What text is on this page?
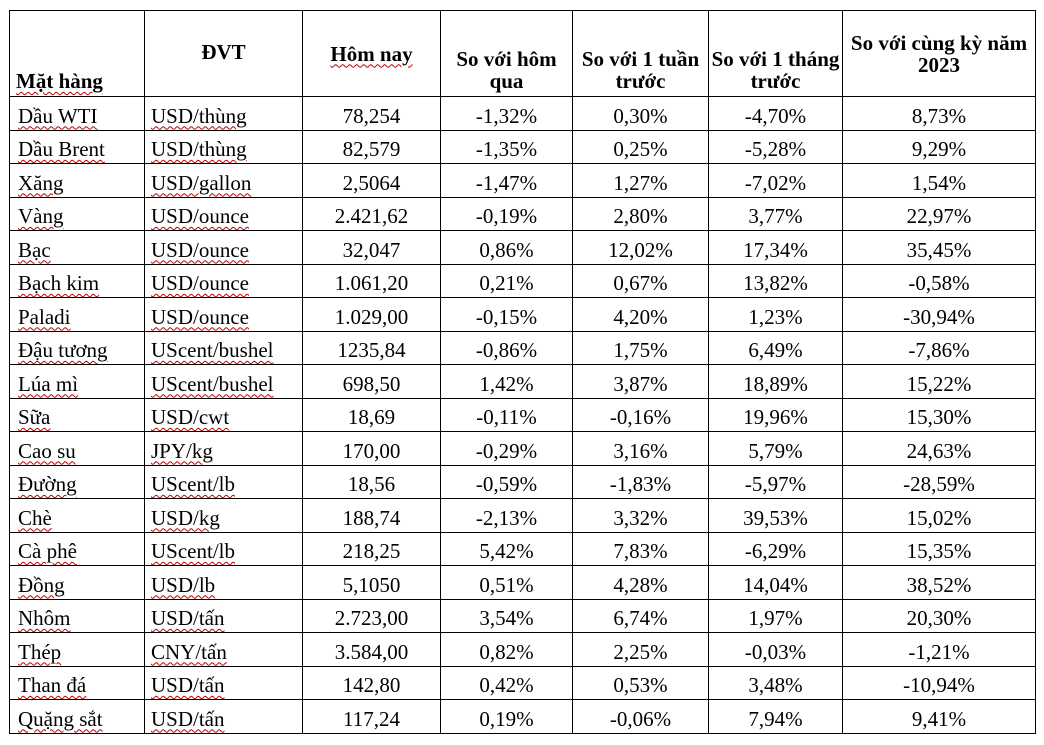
Mặt hàng	ĐVT	Hôm nay	So với hôm qua	So với 1 tuần trước	So với 1 tháng trước	So với cùng kỳ năm 2023
Dầu WTI	USD/thùng	78,254	-1,32%	0,30%	-4,70%	8,73%
Dầu Brent	USD/thùng	82,579	-1,35%	0,25%	-5,28%	9,29%
Xăng	USD/gallon	2,5064	-1,47%	1,27%	-7,02%	1,54%
Vàng	USD/ounce	2.421,62	-0,19%	2,80%	3,77%	22,97%
Bạc	USD/ounce	32,047	0,86%	12,02%	17,34%	35,45%
Bạch kim	USD/ounce	1.061,20	0,21%	0,67%	13,82%	-0,58%
Paladi	USD/ounce	1.029,00	-0,15%	4,20%	1,23%	-30,94%
Đậu tương	UScent/bushel	1235,84	-0,86%	1,75%	6,49%	-7,86%
Lúa mì	UScent/bushel	698,50	1,42%	3,87%	18,89%	15,22%
Sữa	USD/cwt	18,69	-0,11%	-0,16%	19,96%	15,30%
Cao su	JPY/kg	170,00	-0,29%	3,16%	5,79%	24,63%
Đường	UScent/lb	18,56	-0,59%	-1,83%	-5,97%	-28,59%
Chè	USD/kg	188,74	-2,13%	3,32%	39,53%	15,02%
Cà phê	UScent/lb	218,25	5,42%	7,83%	-6,29%	15,35%
Đồng	USD/lb	5,1050	0,51%	4,28%	14,04%	38,52%
Nhôm	USD/tấn	2.723,00	3,54%	6,74%	1,97%	20,30%
Thép	CNY/tấn	3.584,00	0,82%	2,25%	-0,03%	-1,21%
Than đá	USD/tấn	142,80	0,42%	0,53%	3,48%	-10,94%
Quặng sắt	USD/tấn	117,24	0,19%	-0,06%	7,94%	9,41%
